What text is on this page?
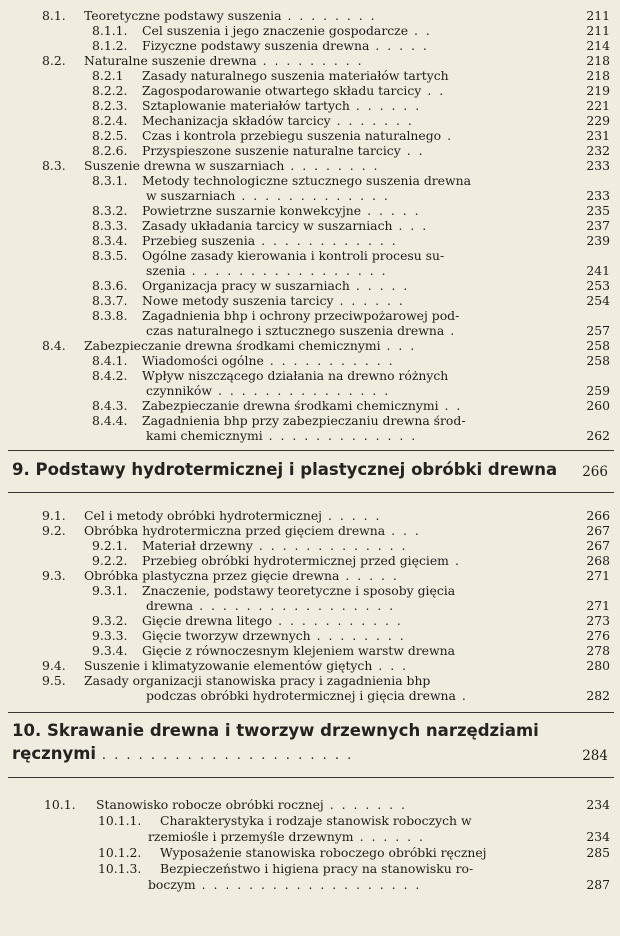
8.1. Teoretyczne podstawy suszenia . . . . . . . .	211
8.1.1. Cel suszenia i jego znaczenie gospodarcze . .	211
8.1.2. Fizyczne podstawy suszenia drewna . . . . .	214
8.2. Naturalne suszenie drewna . . . . . . . . .	218
8.2.1 Zasady naturalnego suszenia materiałów tartych	218
8.2.2. Zagospodarowanie otwartego składu tarcicy . .	219
8.2.3. Sztaplowanie materiałów tartych . . . . . .	221
8.2.4. Mechanizacja składów tarcicy . . . . . . .	229
8.2.5. Czas i kontrola przebiegu suszenia naturalnego .	231
8.2.6. Przyspieszone suszenie naturalne tarcicy . .	232
8.3. Suszenie drewna w suszarniach . . . . . . . .	233
8.3.1. Metody technologiczne sztucznego suszenia drewna
w suszarniach . . . . . . . . . . . . .	233
8.3.2. Powietrzne suszarnie konwekcyjne . . . . .	235
8.3.3. Zasady układania tarcicy w suszarniach . . .	237
8.3.4. Przebieg suszenia . . . . . . . . . . . .	239
8.3.5. Ogólne zasady kierowania i kontroli procesu su-
szenia . . . . . . . . . . . . . . . . .	241
8.3.6. Organizacja pracy w suszarniach . . . . .	253
8.3.7. Nowe metody suszenia tarcicy . . . . . .	254
8.3.8. Zagadnienia bhp i ochrony przeciwpożarowej pod-
czas naturalnego i sztucznego suszenia drewna .	257
8.4. Zabezpieczanie drewna środkami chemicznymi . . .	258
8.4.1. Wiadomości ogólne . . . . . . . . . . .	258
8.4.2. Wpływ niszczącego działania na drewno różnych
czynników . . . . . . . . . . . . . . .	259
8.4.3. Zabezpieczanie drewna środkami chemicznymi . .	260
8.4.4. Zagadnienia bhp przy zabezpieczaniu drewna środ-
kami chemicznymi . . . . . . . . . . . . .	262
9. Podstawy hydrotermicznej i plastycznej obróbki drewna	266
9.1. Cel i metody obróbki hydrotermicznej . . . . .	266
9.2. Obróbka hydrotermiczna przed gięciem drewna . . .	267
9.2.1. Materiał drzewny . . . . . . . . . . . . .	267
9.2.2. Przebieg obróbki hydrotermicznej przed gięciem .	268
9.3. Obróbka plastyczna przez gięcie drewna . . . . .	271
9.3.1. Znaczenie, podstawy teoretyczne i sposoby gięcia
drewna . . . . . . . . . . . . . . . . .	271
9.3.2. Gięcie drewna litego . . . . . . . . . . .	273
9.3.3. Gięcie tworzyw drzewnych . . . . . . . .	276
9.3.4. Gięcie z równoczesnym klejeniem warstw drewna	278
9.4. Suszenie i klimatyzowanie elementów giętych . . .	280
9.5. Zasady organizacji stanowiska pracy i zagadnienia bhp
podczas obróbki hydrotermicznej i gięcia drewna .	282
10. Skrawanie drewna i tworzyw drzewnych narzędziami
ręcznymi . . . . . . . . . . . . . . . . . . . . .	284
10.1. Stanowisko robocze obróbki rocznej . . . . . . .	234
10.1.1. Charakterystyka i rodzaje stanowisk roboczych w
rzemiośle i przemyśle drzewnym . . . . . .	234
10.1.2. Wyposażenie stanowiska roboczego obróbki ręcznej	285
10.1.3. Bezpieczeństwo i higiena pracy na stanowisku ro-
boczym . . . . . . . . . . . . . . . . . . .	287
